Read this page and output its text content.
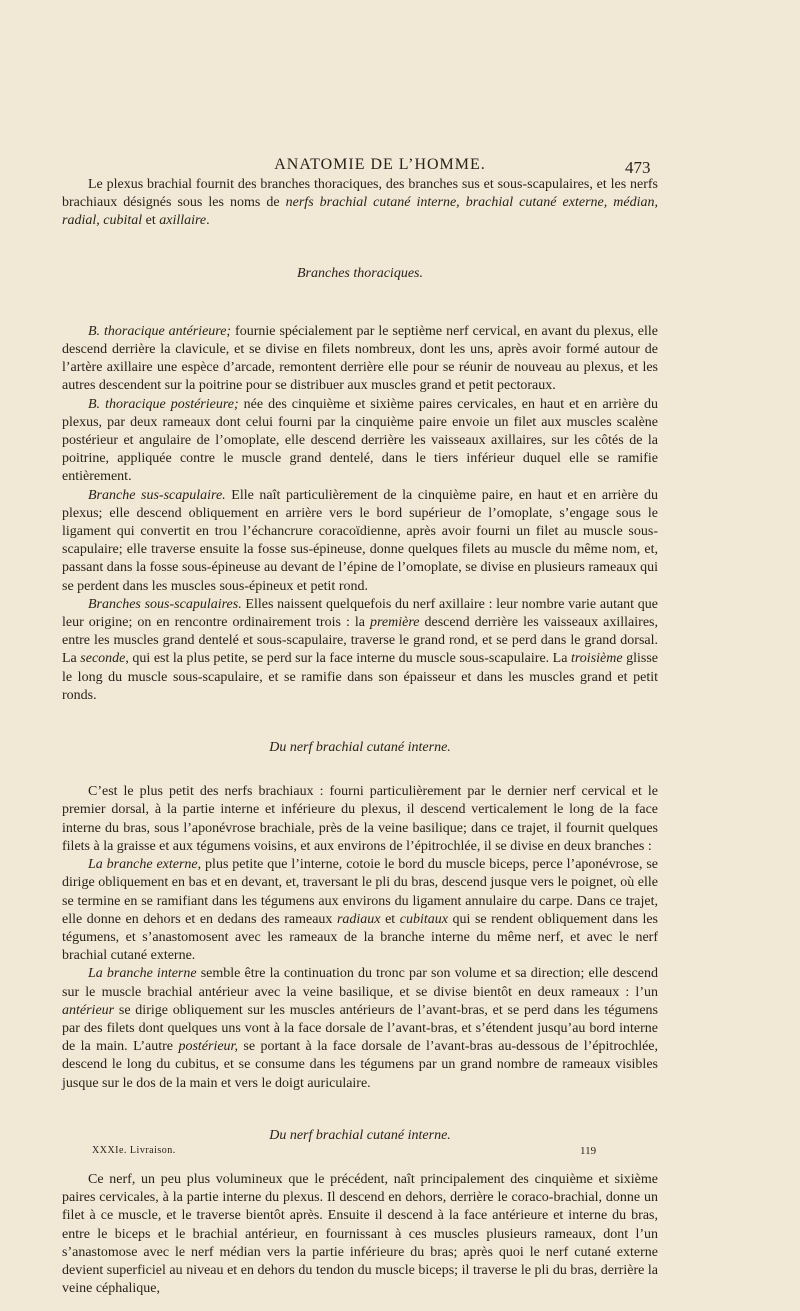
ANATOMIE DE L’HOMME.	473

Le plexus brachial fournit des branches thoraciques, des branches sus et sous-scapulaires, et les nerfs brachiaux désignés sous les noms de nerfs brachial cutané interne, brachial cutané externe, médian, radial, cubital et axillaire.

Branches thoraciques.

B. thoracique antérieure; fournie spécialement par le septième nerf cervical, en avant du plexus, elle descend derrière la clavicule, et se divise en filets nombreux, dont les uns, après avoir formé autour de l’artère axillaire une espèce d’arcade, remontent derrière elle pour se réunir de nouveau au plexus, et les autres descendent sur la poitrine pour se distribuer aux muscles grand et petit pectoraux.

B. thoracique postérieure; née des cinquième et sixième paires cervicales, en haut et en arrière du plexus, par deux rameaux dont celui fourni par la cinquième paire envoie un filet aux muscles scalène postérieur et angulaire de l’omoplate, elle descend derrière les vaisseaux axillaires, sur les côtés de la poitrine, appliquée contre le muscle grand dentelé, dans le tiers inférieur duquel elle se ramifie entièrement.

Branche sus-scapulaire. Elle naît particulièrement de la cinquième paire, en haut et en arrière du plexus; elle descend obliquement en arrière vers le bord supérieur de l’omoplate, s’engage sous le ligament qui convertit en trou l’échancrure coracoïdienne, après avoir fourni un filet au muscle sous-scapulaire; elle traverse ensuite la fosse sus-épineuse, donne quelques filets au muscle du même nom, et, passant dans la fosse sous-épineuse au devant de l’épine de l’omoplate, se divise en plusieurs rameaux qui se perdent dans les muscles sous-épineux et petit rond.

Branches sous-scapulaires. Elles naissent quelquefois du nerf axillaire : leur nombre varie autant que leur origine; on en rencontre ordinairement trois : la première descend derrière les vaisseaux axillaires, entre les muscles grand dentelé et sous-scapulaire, traverse le grand rond, et se perd dans le grand dorsal. La seconde, qui est la plus petite, se perd sur la face interne du muscle sous-scapulaire. La troisième glisse le long du muscle sous-scapulaire, et se ramifie dans son épaisseur et dans les muscles grand et petit ronds.

Du nerf brachial cutané interne.

C’est le plus petit des nerfs brachiaux : fourni particulièrement par le dernier nerf cervical et le premier dorsal, à la partie interne et inférieure du plexus, il descend verticalement le long de la face interne du bras, sous l’aponévrose brachiale, près de la veine basilique; dans ce trajet, il fournit quelques filets à la graisse et aux tégumens voisins, et aux environs de l’épitrochlée, il se divise en deux branches :

La branche externe, plus petite que l’interne, cotoie le bord du muscle biceps, perce l’aponévrose, se dirige obliquement en bas et en devant, et, traversant le pli du bras, descend jusque vers le poignet, où elle se termine en se ramifiant dans les tégumens aux environs du ligament annulaire du carpe. Dans ce trajet, elle donne en dehors et en dedans des rameaux radiaux et cubitaux qui se rendent obliquement dans les tégumens, et s’anastomosent avec les rameaux de la branche interne du même nerf, et avec le nerf brachial cutané externe.

La branche interne semble être la continuation du tronc par son volume et sa direction; elle descend sur le muscle brachial antérieur avec la veine basilique, et se divise bientôt en deux rameaux : l’un antérieur se dirige obliquement sur les muscles antérieurs de l’avant-bras, et se perd dans les tégumens par des filets dont quelques uns vont à la face dorsale de l’avant-bras, et s’étendent jusqu’au bord interne de la main. L’autre postérieur, se portant à la face dorsale de l’avant-bras au-dessous de l’épitrochlée, descend le long du cubitus, et se consume dans les tégumens par un grand nombre de rameaux visibles jusque sur le dos de la main et vers le doigt auriculaire.

Du nerf brachial cutané interne.

Ce nerf, un peu plus volumineux que le précédent, naît principalement des cinquième et sixième paires cervicales, à la partie interne du plexus. Il descend en dehors, derrière le coraco-brachial, donne un filet à ce muscle, et le traverse bientôt après. Ensuite il descend à la face antérieure et interne du bras, entre le biceps et le brachial antérieur, en fournissant à ces muscles plusieurs rameaux, dont l’un s’anastomose avec le nerf médian vers la partie inférieure du bras; après quoi le nerf cutané externe devient superficiel au niveau et en dehors du tendon du muscle biceps; il traverse le pli du bras, derrière la veine céphalique,

XXXIe. Livraison.	119
